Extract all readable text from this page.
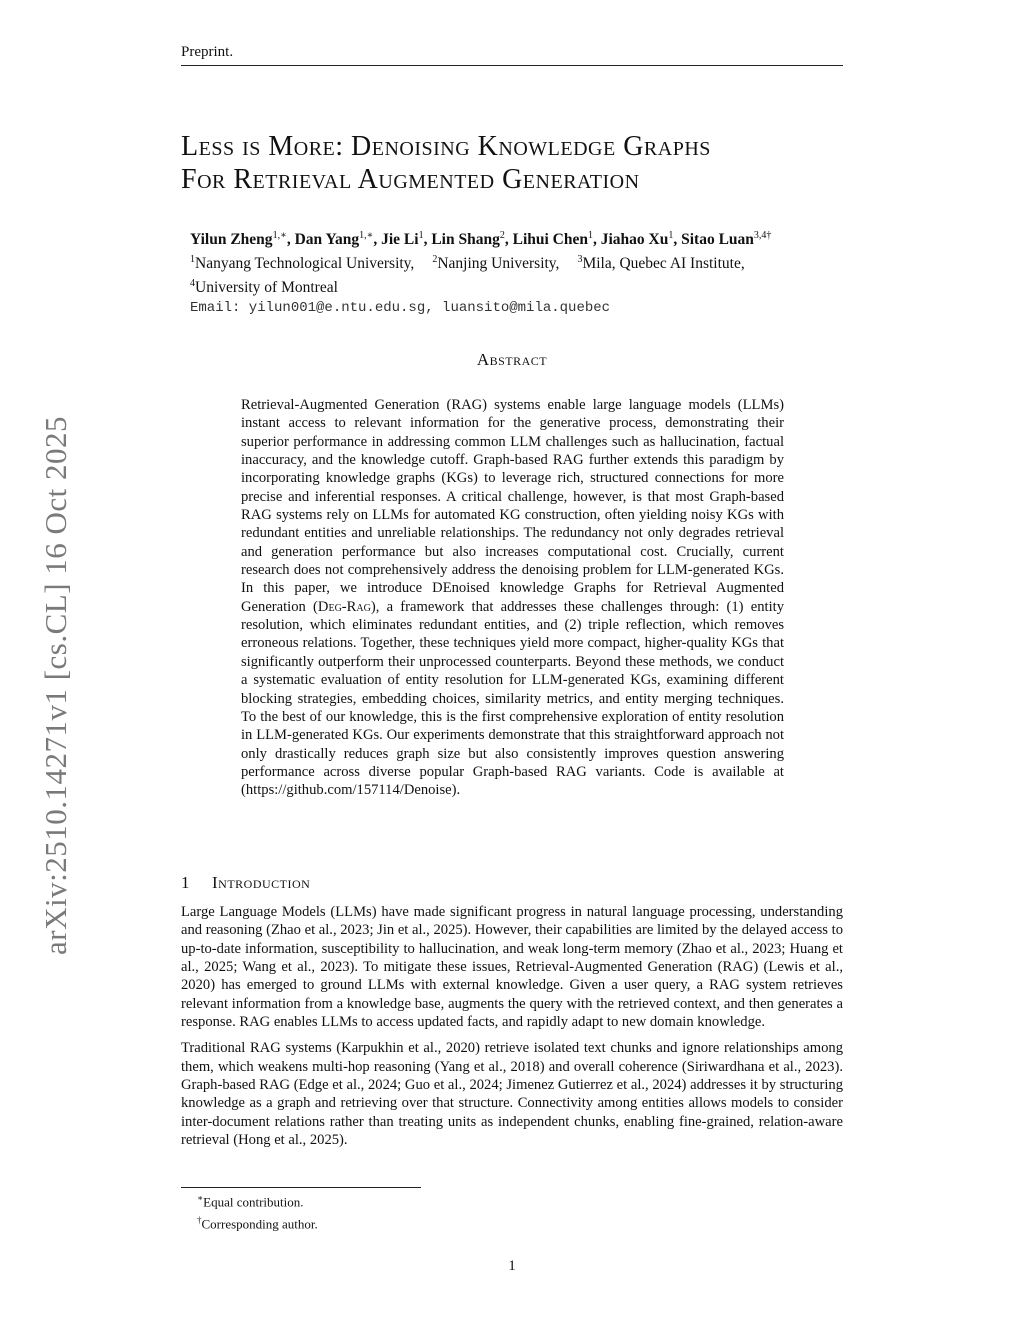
Preprint.
Less is More: Denoising Knowledge Graphs
For Retrieval Augmented Generation
Yilun Zheng$^{1,∗}$, Dan Yang$^{1,∗}$, Jie Li$^1$, Lin Shang$^2$, Lihui Chen$^1$, Jiahao Xu$^1$, Sitao Luan$^{3,4\dagger}$
$^1$Nanyang Technological University, $^2$Nanjing University, $^3$Mila, Quebec AI Institute,
$^4$University of Montreal
Email: yilun001@e.ntu.edu.sg, luansito@mila.quebec
Abstract
Retrieval-Augmented Generation (RAG) systems enable large language models (LLMs) instant access to relevant information for the generative process, demonstrating their superior performance in addressing common LLM challenges such as hallucination, factual inaccuracy, and the knowledge cutoff. Graph-based RAG further extends this paradigm by incorporating knowledge graphs (KGs) to leverage rich, structured connections for more precise and inferential responses. A critical challenge, however, is that most Graph-based RAG systems rely on LLMs for automated KG construction, often yielding noisy KGs with redundant entities and unreliable relationships. The redundancy not only degrades retrieval and generation performance but also increases computational cost. Crucially, current research does not comprehensively address the denoising problem for LLM-generated KGs. In this paper, we introduce DEnoised knowledge Graphs for Retrieval Augmented Generation (Deg-Rag), a framework that addresses these challenges through: (1) entity resolution, which eliminates redundant entities, and (2) triple reflection, which removes erroneous relations. Together, these techniques yield more compact, higher-quality KGs that significantly outperform their unprocessed counterparts. Beyond these methods, we conduct a systematic evaluation of entity resolution for LLM-generated KGs, examining different blocking strategies, embedding choices, similarity metrics, and entity merging techniques. To the best of our knowledge, this is the first comprehensive exploration of entity resolution in LLM-generated KGs. Our experiments demonstrate that this straightforward approach not only drastically reduces graph size but also consistently improves question answering performance across diverse popular Graph-based RAG variants. Code is available at (https://github.com/157114/Denoise).
arXiv:2510.14271v1 [cs.CL] 16 Oct 2025	1 Introduction

Large Language Models (LLMs) have made significant progress in natural language processing, understanding and reasoning (Zhao et al., 2023; Jin et al., 2025). However, their capabilities are limited by the delayed access to up-to-date information, susceptibility to hallucination, and weak long-term memory (Zhao et al., 2023; Huang et al., 2025; Wang et al., 2023). To mitigate these issues, Retrieval-Augmented Generation (RAG) (Lewis et al., 2020) has emerged to ground LLMs with external knowledge. Given a user query, a RAG system retrieves relevant information from a knowledge base, augments the query with the retrieved context, and then generates a response. RAG enables LLMs to access updated facts, and rapidly adapt to new domain knowledge.

Traditional RAG systems (Karpukhin et al., 2020) retrieve isolated text chunks and ignore relationships among them, which weakens multi-hop reasoning (Yang et al., 2018) and overall coherence (Siriwardhana et al., 2023). Graph-based RAG (Edge et al., 2024; Guo et al., 2024; Jimenez Gutierrez et al., 2024) addresses it by structuring knowledge as a graph and retrieving over that structure. Connectivity among entities allows models to consider inter-document relations rather than treating units as independent chunks, enabling fine-grained, relation-aware retrieval (Hong et al., 2025).

∗Equal contribution.
†Corresponding author.
1
